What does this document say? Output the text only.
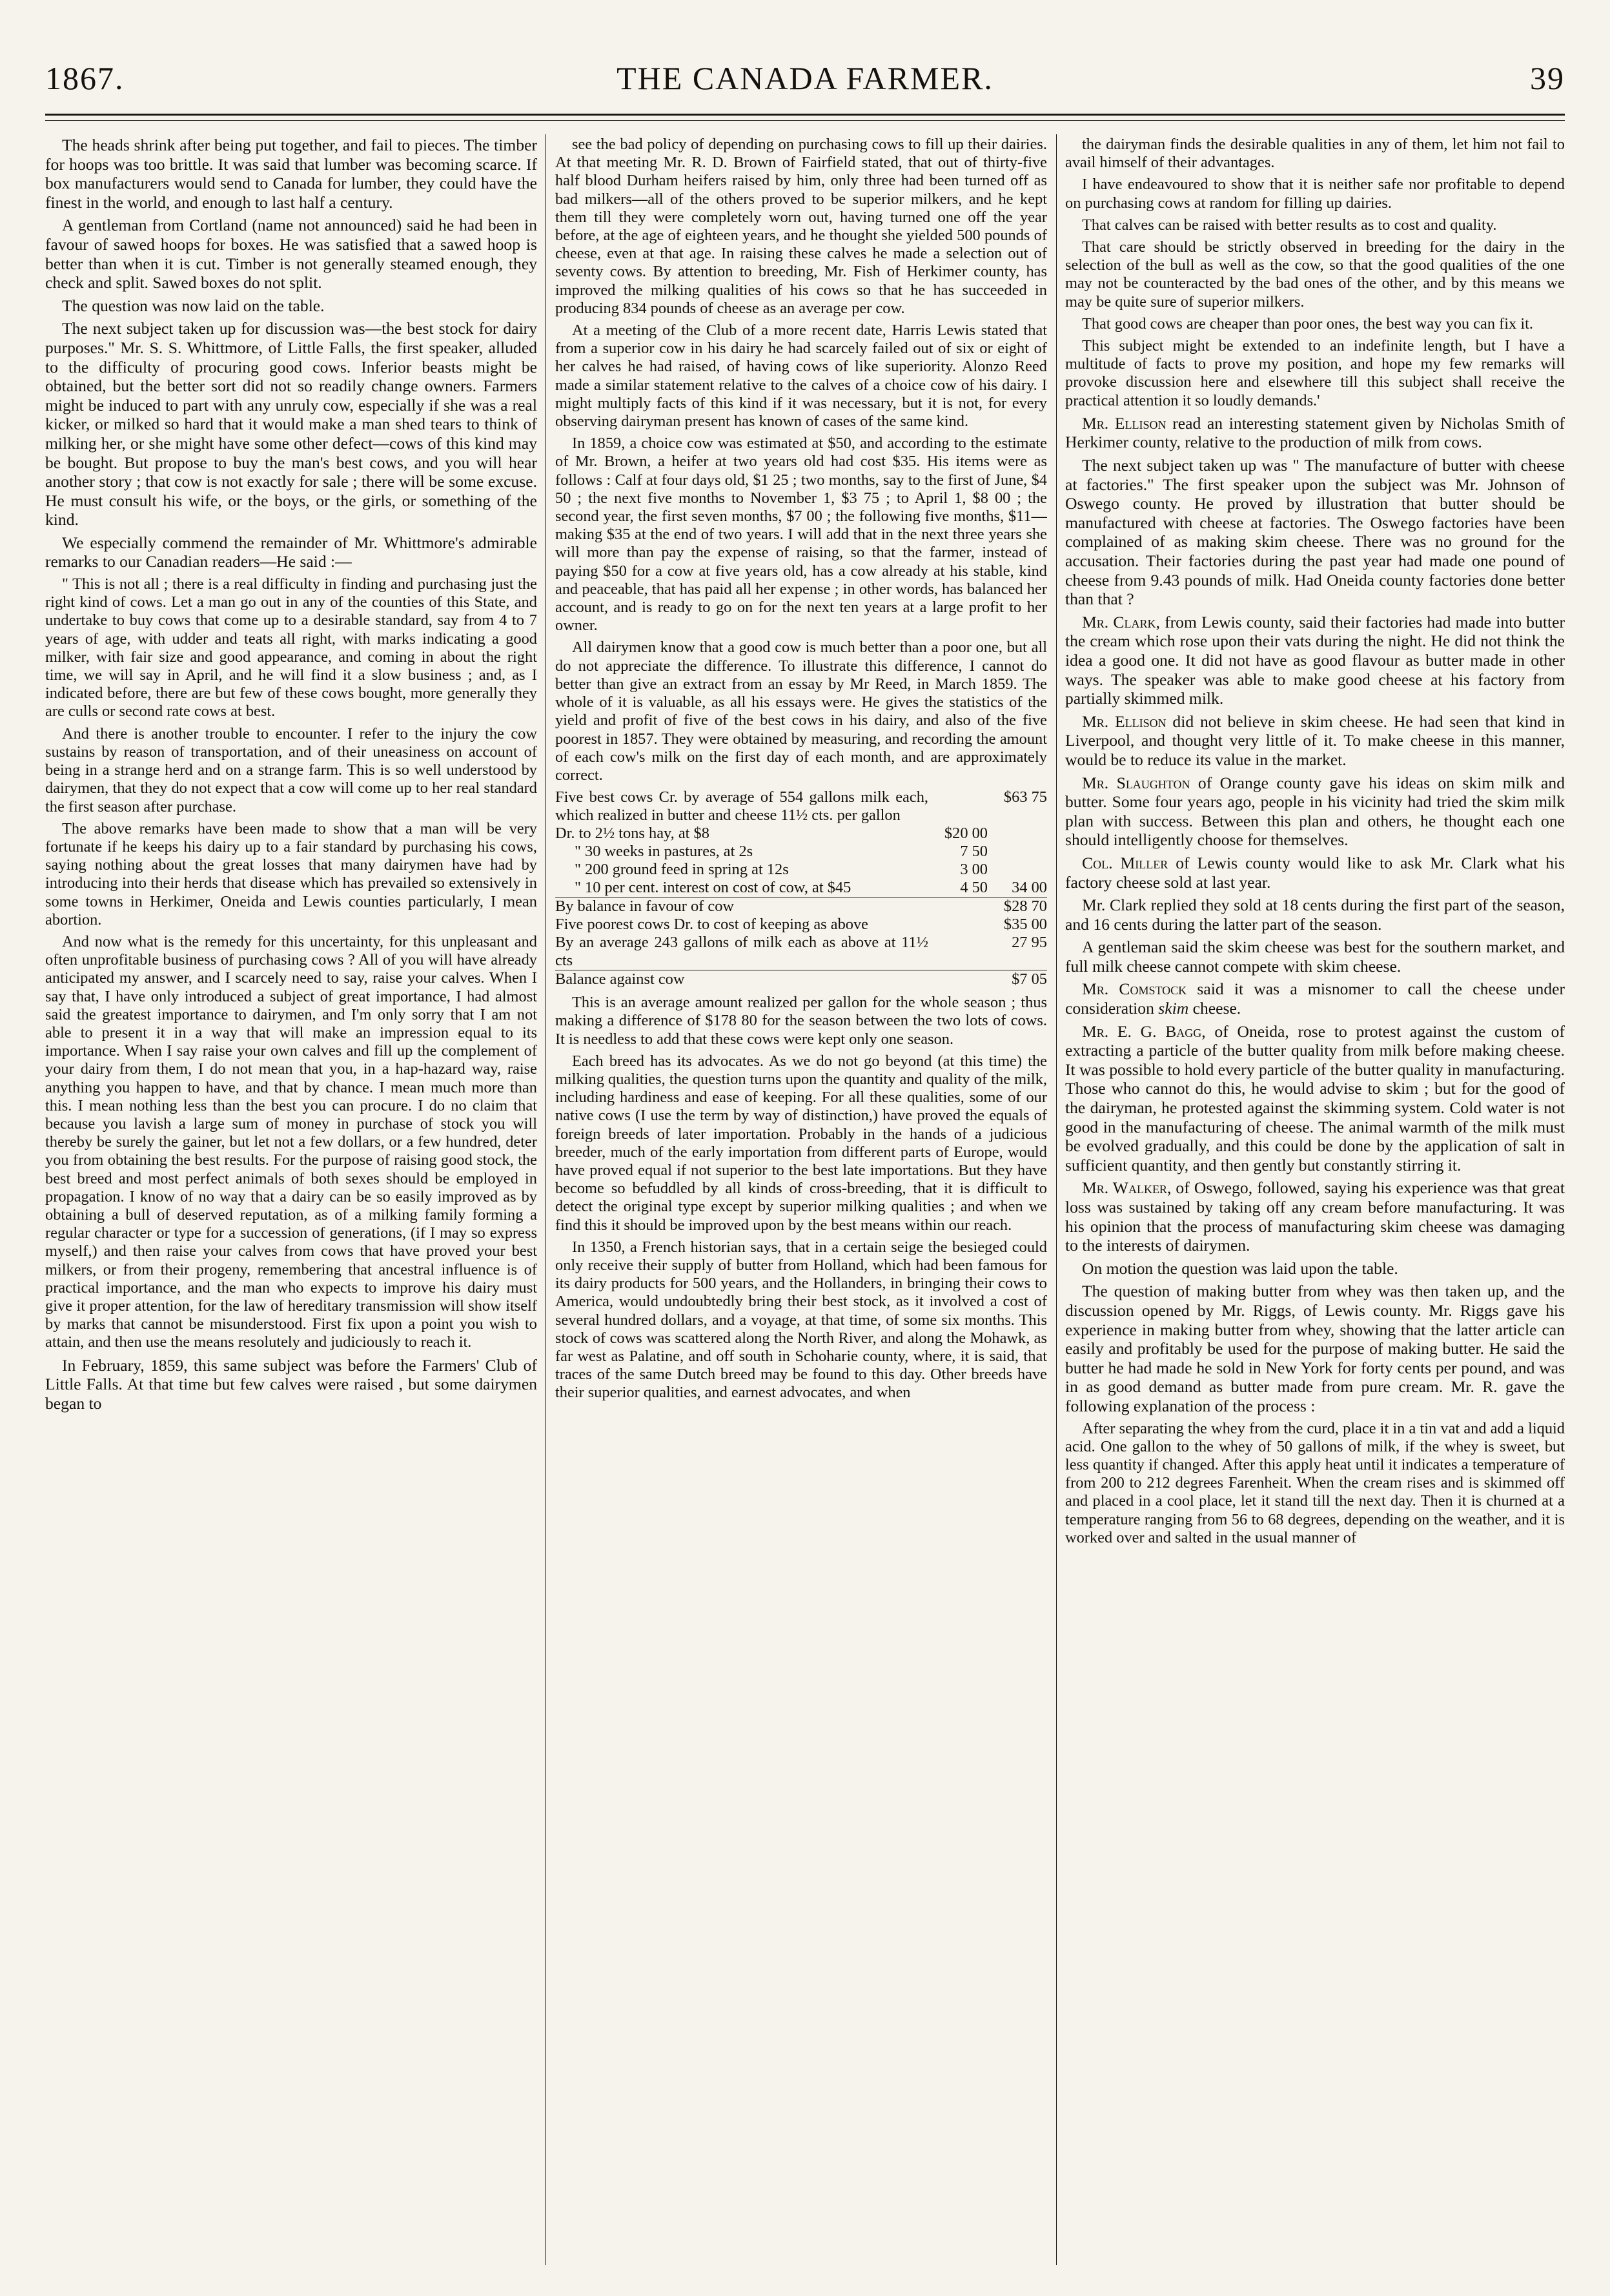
THE CANADA FARMER.
1867.	39

The heads shrink after being put together, and fail to pieces. The timber for hoops was too brittle. It was said that lumber was becoming scarce. If box manufacturers would send to Canada for lumber, they could have the finest in the world, and enough to last half a century.

A gentleman from Cortland (name not announced) said he had been in favour of sawed hoops for boxes. He was satisfied that a sawed hoop is better than when it is cut. Timber is not generally steamed enough, they check and split. Sawed boxes do not split.

The question was now laid on the table.

The next subject taken up for discussion was—the best stock for dairy purposes." Mr. S. S. Whittmore, of Little Falls, the first speaker, alluded to the difficulty of procuring good cows. Inferior beasts might be obtained, but the better sort did not so readily change owners. Farmers might be induced to part with any unruly cow, especially if she was a real kicker, or milked so hard that it would make a man shed tears to think of milking her, or she might have some other defect—cows of this kind may be bought. But propose to buy the man's best cows, and you will hear another story ; that cow is not exactly for sale ; there will be some excuse. He must consult his wife, or the boys, or the girls, or something of the kind.

We especially commend the remainder of Mr. Whittmore's admirable remarks to our Canadian readers—He said :—

" This is not all ; there is a real difficulty in finding and purchasing just the right kind of cows. Let a man go out in any of the counties of this State, and undertake to buy cows that come up to a desirable standard, say from 4 to 7 years of age, with udder and teats all right, with marks indicating a good milker, with fair size and good appearance, and coming in about the right time, we will say in April, and he will find it a slow business ; and, as I indicated before, there are but few of these cows bought, more generally they are culls or second rate cows at best.

And there is another trouble to encounter. I refer to the injury the cow sustains by reason of transportation, and of their uneasiness on account of being in a strange herd and on a strange farm. This is so well understood by dairymen, that they do not expect that a cow will come up to her real standard the first season after purchase.

The above remarks have been made to show that a man will be very fortunate if he keeps his dairy up to a fair standard by purchasing his cows, saying nothing about the great losses that many dairymen have had by introducing into their herds that disease which has prevailed so extensively in some towns in Herkimer, Oneida and Lewis counties particularly, I mean abortion.

And now what is the remedy for this uncertainty, for this unpleasant and often unprofitable business of purchasing cows ? All of you will have already anticipated my answer, and I scarcely need to say, raise your calves. When I say that, I have only introduced a subject of great importance, I had almost said the greatest importance to dairymen, and I'm only sorry that I am not able to present it in a way that will make an impression equal to its importance. When I say raise your own calves and fill up the complement of your dairy from them, I do not mean that you, in a hap-hazard way, raise anything you happen to have, and that by chance. I mean much more than this. I mean nothing less than the best you can procure. I do no claim that because you lavish a large sum of money in purchase of stock you will thereby be surely the gainer, but let not a few dollars, or a few hundred, deter you from obtaining the best results. For the purpose of raising good stock, the best breed and most perfect animals of both sexes should be employed in propagation. I know of no way that a dairy can be so easily improved as by obtaining a bull of deserved reputation, as of a milking family forming a regular character or type for a succession of generations, (if I may so express myself,) and then raise your calves from cows that have proved your best milkers, or from their progeny, remembering that ancestral influence is of practical importance, and the man who expects to improve his dairy must give it proper attention, for the law of hereditary transmission will show itself by marks that cannot be misunderstood. First fix upon a point you wish to attain, and then use the means resolutely and judiciously to reach it.

In February, 1859, this same subject was before the Farmers' Club of Little Falls. At that time but few calves were raised , but some dairymen began to

see the bad policy of depending on purchasing cows to fill up their dairies. At that meeting Mr. R. D. Brown of Fairfield stated, that out of thirty-five half blood Durham heifers raised by him, only three had been turned off as bad milkers—all of the others proved to be superior milkers, and he kept them till they were completely worn out, having turned one off the year before, at the age of eighteen years, and he thought she yielded 500 pounds of cheese, even at that age. In raising these calves he made a selection out of seventy cows. By attention to breeding, Mr. Fish of Herkimer county, has improved the milking qualities of his cows so that he has succeeded in producing 834 pounds of cheese as an average per cow.

At a meeting of the Club of a more recent date, Harris Lewis stated that from a superior cow in his dairy he had scarcely failed out of six or eight of her calves he had raised, of having cows of like superiority. Alonzo Reed made a similar statement relative to the calves of a choice cow of his dairy. I might multiply facts of this kind if it was necessary, but it is not, for every observing dairyman present has known of cases of the same kind.

In 1859, a choice cow was estimated at $50, and according to the estimate of Mr. Brown, a heifer at two years old had cost $35. His items were as follows : Calf at four days old, $1 25 ; two months, say to the first of June, $4 50 ; the next five months to November 1, $3 75 ; to April 1, $8 00 ; the second year, the first seven months, $7 00 ; the following five months, $11—making $35 at the end of two years. I will add that in the next three years she will more than pay the expense of raising, so that the farmer, instead of paying $50 for a cow at five years old, has a cow already at his stable, kind and peaceable, that has paid all her expense ; in other words, has balanced her account, and is ready to go on for the next ten years at a large profit to her owner.

All dairymen know that a good cow is much better than a poor one, but all do not appreciate the difference. To illustrate this difference, I cannot do better than give an extract from an essay by Mr Reed, in March 1859. The whole of it is valuable, as all his essays were. He gives the statistics of the yield and profit of five of the best cows in his dairy, and also of the five poorest in 1857. They were obtained by measuring, and recording the amount of each cow's milk on the first day of each month, and are approximately correct.

Five best cows Cr. by average of 554 gallons milk each, which realized in butter and cheese 11½ cts. per gallon		$63 75
Dr. to 2½ tons hay, at $8	$20 00	
" 30 weeks in pastures, at 2s	7 50	
" 200 ground feed in spring at 12s	3 00	
" 10 per cent. interest on cost of cow, at $45	4 50	34 00
By balance in favour of cow		$28 70
Five poorest cows Dr. to cost of keeping as above		$35 00
By an average 243 gallons of milk each as above at 11½ cts		27 95
Balance against cow		$7 05

This is an average amount realized per gallon for the whole season ; thus making a difference of $178 80 for the season between the two lots of cows. It is needless to add that these cows were kept only one season.

Each breed has its advocates. As we do not go beyond (at this time) the milking qualities, the question turns upon the quantity and quality of the milk, including hardiness and ease of keeping. For all these qualities, some of our native cows (I use the term by way of distinction,) have proved the equals of foreign breeds of later importation. Probably in the hands of a judicious breeder, much of the early importation from different parts of Europe, would have proved equal if not superior to the best late importations. But they have become so befuddled by all kinds of cross-breeding, that it is difficult to detect the original type except by superior milking qualities ; and when we find this it should be improved upon by the best means within our reach.

In 1350, a French historian says, that in a certain seige the besieged could only receive their supply of butter from Holland, which had been famous for its dairy products for 500 years, and the Hollanders, in bringing their cows to America, would undoubtedly bring their best stock, as it involved a cost of several hundred dollars, and a voyage, at that time, of some six months. This stock of cows was scattered along the North River, and along the Mohawk, as far west as Palatine, and off south in Schoharie county, where, it is said, that traces of the same Dutch breed may be found to this day. Other breeds have their superior qualities, and earnest advocates, and when

the dairyman finds the desirable qualities in any of them, let him not fail to avail himself of their advantages.

I have endeavoured to show that it is neither safe nor profitable to depend on purchasing cows at random for filling up dairies.

That calves can be raised with better results as to cost and quality.

That care should be strictly observed in breeding for the dairy in the selection of the bull as well as the cow, so that the good qualities of the one may not be counteracted by the bad ones of the other, and by this means we may be quite sure of superior milkers.

That good cows are cheaper than poor ones, the best way you can fix it.

This subject might be extended to an indefinite length, but I have a multitude of facts to prove my position, and hope my few remarks will provoke discussion here and elsewhere till this subject shall receive the practical attention it so loudly demands.'

Mr. Ellison read an interesting statement given by Nicholas Smith of Herkimer county, relative to the production of milk from cows.

The next subject taken up was " The manufacture of butter with cheese at factories." The first speaker upon the subject was Mr. Johnson of Oswego county. He proved by illustration that butter should be manufactured with cheese at factories. The Oswego factories have been complained of as making skim cheese. There was no ground for the accusation. Their factories during the past year had made one pound of cheese from 9.43 pounds of milk. Had Oneida county factories done better than that ?

Mr. Clark, from Lewis county, said their factories had made into butter the cream which rose upon their vats during the night. He did not think the idea a good one. It did not have as good flavour as butter made in other ways. The speaker was able to make good cheese at his factory from partially skimmed milk.

Mr. Ellison did not believe in skim cheese. He had seen that kind in Liverpool, and thought very little of it. To make cheese in this manner, would be to reduce its value in the market.

Mr. Slaughton of Orange county gave his ideas on skim milk and butter. Some four years ago, people in his vicinity had tried the skim milk plan with success. Between this plan and others, he thought each one should intelligently choose for themselves.

Col. Miller of Lewis county would like to ask Mr. Clark what his factory cheese sold at last year.

Mr. Clark replied they sold at 18 cents during the first part of the season, and 16 cents during the latter part of the season.

A gentleman said the skim cheese was best for the southern market, and full milk cheese cannot compete with skim cheese.

Mr. Comstock said it was a misnomer to call the cheese under consideration skim cheese.

Mr. E. G. Bagg, of Oneida, rose to protest against the custom of extracting a particle of the butter quality from milk before making cheese. It was possible to hold every particle of the butter quality in manufacturing. Those who cannot do this, he would advise to skim ; but for the good of the dairyman, he protested against the skimming system. Cold water is not good in the manufacturing of cheese. The animal warmth of the milk must be evolved gradually, and this could be done by the application of salt in sufficient quantity, and then gently but constantly stirring it.

Mr. Walker, of Oswego, followed, saying his experience was that great loss was sustained by taking off any cream before manufacturing. It was his opinion that the process of manufacturing skim cheese was damaging to the interests of dairymen.

On motion the question was laid upon the table.

The question of making butter from whey was then taken up, and the discussion opened by Mr. Riggs, of Lewis county. Mr. Riggs gave his experience in making butter from whey, showing that the latter article can easily and profitably be used for the purpose of making butter. He said the butter he had made he sold in New York for forty cents per pound, and was in as good demand as butter made from pure cream. Mr. R. gave the following explanation of the process :

After separating the whey from the curd, place it in a tin vat and add a liquid acid. One gallon to the whey of 50 gallons of milk, if the whey is sweet, but less quantity if changed. After this apply heat until it indicates a temperature of from 200 to 212 degrees Farenheit. When the cream rises and is skimmed off and placed in a cool place, let it stand till the next day. Then it is churned at a temperature ranging from 56 to 68 degrees, depending on the weather, and it is worked over and salted in the usual manner of
